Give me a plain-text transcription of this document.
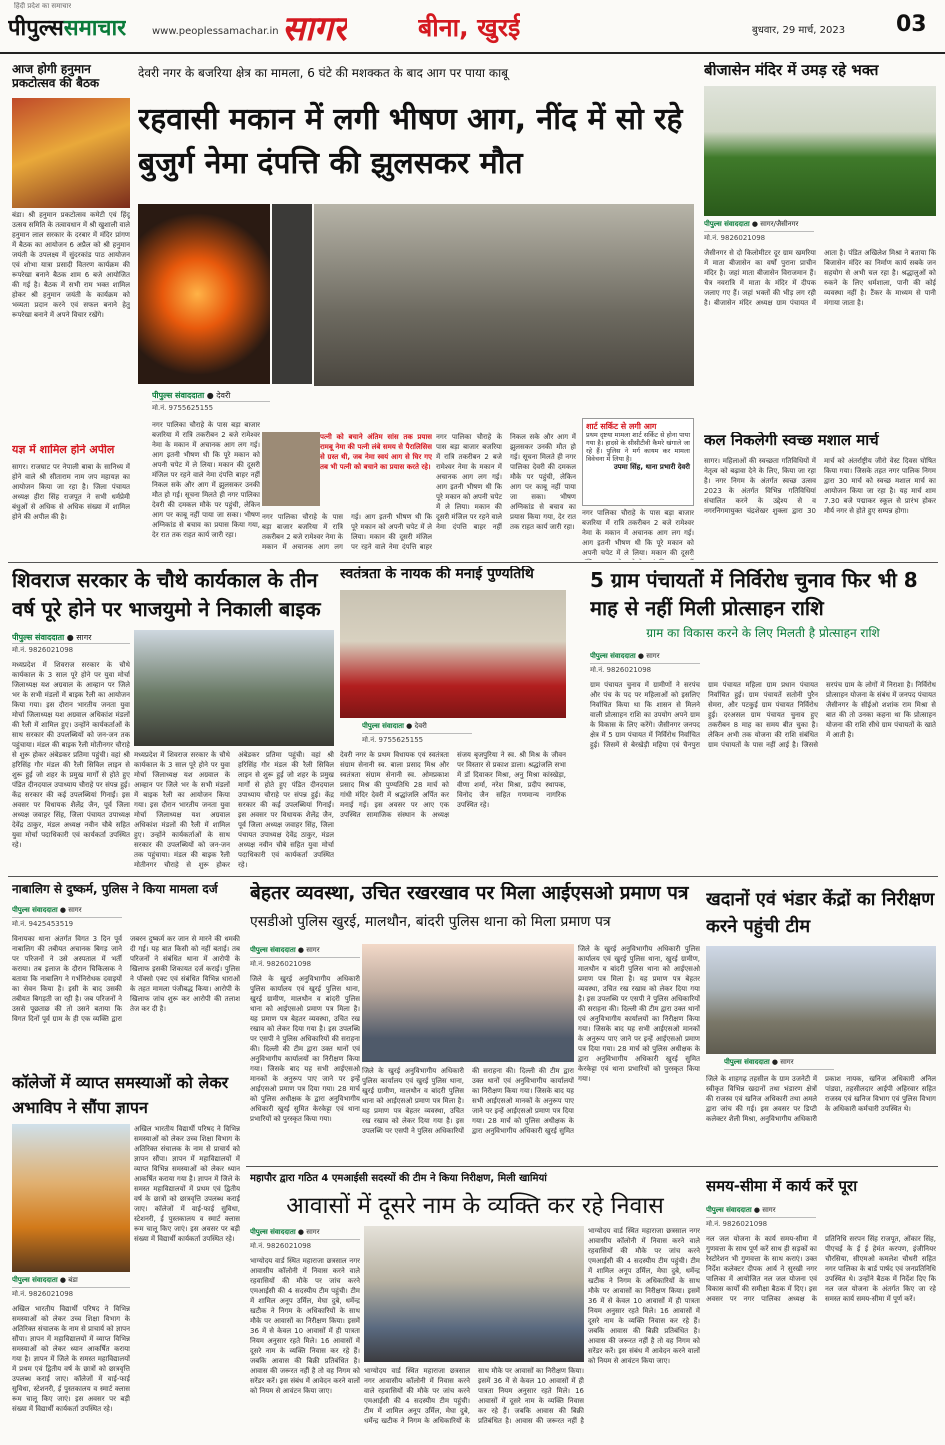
हिंदी प्रदेश का समाचार
पीपुल्ससमाचार	www.peoplessamachar.in सागर	बीना, खुरई	बुधवार, 29 मार्च, 2023 03
आज होगी हनुमान प्रकटोत्सव की बैठक
बंडा। श्री हनुमान प्रकटोत्सव कमेटी एवं हिंदू उत्सव समिति के तत्वावधान में श्री खुशाली वाले हनुमान लाल सरकार के दरबार में मंदिर प्रांगण में बैठक का आयोजन 6 अप्रैल को श्री हनुमान जयंती के उपलक्ष्य में सुंदरकांड पाठ आयोजन एवं शोभा यात्रा प्रसादी वितरण कार्यक्रम की रूपरेखा बनाने बैठक शाम 6 बजे आयोजित की गई है। बैठक में सभी राम भक्त शामिल होकर श्री हनुमान जयंती के कार्यक्रम को भव्यता प्रदान करने एवं सफल बनाने हेतु रूपरेखा बनाने में अपने विचार रखेंगे।
यज्ञ में शामिल होने अपील
सागर। राजघाट पर नेपाली बाबा के सानिध्य में होने वाले श्री सीताराम नाम जप महायज्ञ का आयोजन किया जा रहा है। जिला पंचायत अध्यक्ष हीरा सिंह राजपूत ने सभी धर्मप्रेमी बंधुओं से अधिक से अधिक संख्या में शामिल होने की अपील की है।
देवरी नगर के बजरिया क्षेत्र का मामला, 6 घंटे की मशक्कत के बाद आग पर पाया काबू
रहवासी मकान में लगी भीषण आग, नींद में सो रहे बुजुर्ग नेमा दंपत्ति की झुलसकर मौत
पीपुल्स संवाददाता ● देवरी
मो.नं. 9755625155
पत्नी को बचाने अंतिम सांस तक प्रयास रामबू नेमा की पत्नी लंबे समय से पैरालिसिस से ग्रस्त थी, जब नेमा स्वयं आग से घिर गए तब भी पत्नी को बचाने का प्रयास करते रहे।
नगर पालिका चौराहे के पास बड़ा बाजार बजरिया में रात्रि तकरीबन 2 बजे रामेश्वर नेमा के मकान में अचानक आग लग गई। आग इतनी भीषण थी कि पूरे मकान को अपनी चपेट में ले लिया। मकान की दूसरी मंजिल पर रहने वाले नेमा दंपत्ति बाहर नहीं निकल सके और आग में झुलसकर उनकी मौत हो गई। सूचना मिलते ही नगर पालिका देवरी की दमकल मौके पर पहुंची, लेकिन आग पर काबू नहीं पाया जा सका। भीषण अग्निकांड से बचाव का प्रयास किया गया, देर रात तक राहत कार्य जारी रहा।
नगर पालिका चौराहे के पास बड़ा बाजार बजरिया में रात्रि तकरीबन 2 बजे रामेश्वर नेमा के मकान में अचानक आग लग गई। आग इतनी भीषण थी कि पूरे मकान को अपनी चपेट में ले लिया। मकान की दूसरी मंजिल पर रहने वाले नेमा दंपत्ति बाहर
नगर पालिका चौराहे के पास बड़ा बाजार बजरिया में रात्रि तकरीबन 2 बजे रामेश्वर नेमा के मकान में अचानक आग लग गई। आग इतनी भीषण थी कि पूरे मकान को अपनी चपेट में ले लिया। मकान की दूसरी मंजिल पर रहने वाले नेमा दंपत्ति बाहर नहीं निकल सके और आग में झुलसकर उनकी मौत हो गई। सूचना मिलते ही नगर पालिका देवरी की दमकल मौके पर पहुंची, लेकिन आग पर काबू नहीं पाया जा सका। भीषण अग्निकांड से बचाव का प्रयास किया गया, देर रात तक राहत कार्य जारी रहा।
शार्ट सर्किट से लगी आग
प्रथम दृष्टया मामला शार्ट सर्किट से होना पाया गया है। हादसे के सीसीटीवी कैमरे खंगाले जा रहे हैं। पुलिस ने मर्ग कायम कर मामला विवेचना में लिया है।
उपमा सिंह, थाना प्रभारी देवरी
नगर पालिका चौराहे के पास बड़ा बाजार बजरिया में रात्रि तकरीबन 2 बजे रामेश्वर नेमा के मकान में अचानक आग लग गई। आग इतनी भीषण थी कि पूरे मकान को अपनी चपेट में ले लिया। मकान की दूसरी
बीजासेन मंदिर में उमड़ रहे भक्त
पीपुल्स संवाददाता ● सागर/जैसीनगर
मो.नं. 9826021098
जैसीनगर से दो किलोमीटर दूर ग्राम खमरिया में माता बीजासेन का वर्षों पुराना प्राचीन मंदिर है। जहां माता बीजासेन विराजमान हैं। चैत्र नवरात्रि में माता के मंदिर में दीपक जलाए गए हैं। जहां भक्तों की भीड़ लग रही है। बीजासेन मंदिर अध्यक्ष ग्राम पंचायत में आता है। पंडित अखिलेश मिश्रा ने बताया कि बिजासेन मंदिर का निर्माण कार्य सबके जन सहयोग से अभी चल रहा है। श्रद्धालुओं को रुकने के लिए धर्मशाला, पानी की कोई व्यवस्था नहीं है। टैंकर के माध्यम से पानी मंगाया जाता है।
कल निकलेगी स्वच्छ मशाल मार्च
सागर। महिलाओं की स्वच्छता गतिविधियों में नेतृत्व को बढ़ावा देने के लिए, किया जा रहा है। नगर निगम के अंतर्गत स्वच्छ उत्सव 2023 के अंतर्गत विभिन्न गतिविधियां संचालित करने के उद्देश्य से व नगरनिगमायुक्त चंद्रशेखर शुक्ला द्वारा 30 मार्च को अंतर्राष्ट्रीय जीरो वेस्ट दिवस घोषित किया गया। जिसके तहत नगर पालिक निगम द्वारा 30 मार्च को स्वच्छ मशाल मार्च का आयोजन किया जा रहा है। यह मार्च शाम 7.30 बजे पद्माकर स्कूल से प्रारंभ होकर मौर्य नगर से होते हुए सम्पन्न होगा।
शिवराज सरकार के चौथे कार्यकाल के तीन वर्ष पूरे होने पर भाजयुमो ने निकाली बाइक
पीपुल्स संवाददाता ● सागर
मो.नं. 9826021098
मध्यप्रदेश में शिवराज सरकार के चौथे कार्यकाल के 3 साल पूरे होने पर युवा मोर्चा जिलाध्यक्ष यश अग्रवाल के आव्हान पर जिले भर के सभी मंडलों में बाइक रैली का आयोजन किया गया। इस दौरान भारतीय जनता युवा मोर्चा जिलाध्यक्ष यश अग्रवाल अधिकांश मंडलों की रैली में शामिल हुए। उन्होंने कार्यकर्ताओं के साथ सरकार की उपलब्धियों को जन-जन तक पहुंचाया। मंडल की बाइक रैली मोतीनगर चौराहे से शुरू होकर अंबेडकर प्रतिमा पहुंची। वहां श्री हरिसिंह गौर मंडल की रैली सिविल लाइन से शुरू हुई जो शहर के प्रमुख मार्गों से होते हुए पंडित दीनदयाल उपाध्याय चौराहे पर संपन्न हुई। केंद्र सरकार की कई उपलब्धियां गिनाईं। इस अवसर पर विधायक शैलेंद्र जैन, पूर्व जिला अध्यक्ष जवाहर सिंह, जिला पंचायत उपाध्यक्ष देवेंद्र ठाकुर, मंडल अध्यक्ष नवीन चौबे सहित युवा मोर्चा पदाधिकारी एवं कार्यकर्ता उपस्थित रहे।
मध्यप्रदेश में शिवराज सरकार के चौथे कार्यकाल के 3 साल पूरे होने पर युवा मोर्चा जिलाध्यक्ष यश अग्रवाल के आव्हान पर जिले भर के सभी मंडलों में बाइक रैली का आयोजन किया गया। इस दौरान भारतीय जनता युवा मोर्चा जिलाध्यक्ष यश अग्रवाल अधिकांश मंडलों की रैली में शामिल हुए। उन्होंने कार्यकर्ताओं के साथ सरकार की उपलब्धियों को जन-जन तक पहुंचाया। मंडल की बाइक रैली मोतीनगर चौराहे से शुरू होकर अंबेडकर प्रतिमा पहुंची। वहां श्री हरिसिंह गौर मंडल की रैली सिविल लाइन से शुरू हुई जो शहर के प्रमुख मार्गों से होते हुए पंडित दीनदयाल उपाध्याय चौराहे पर संपन्न हुई। केंद्र सरकार की कई उपलब्धियां गिनाईं। इस अवसर पर विधायक शैलेंद्र जैन, पूर्व जिला अध्यक्ष जवाहर सिंह, जिला पंचायत उपाध्यक्ष देवेंद्र ठाकुर, मंडल अध्यक्ष नवीन चौबे सहित युवा मोर्चा पदाधिकारी एवं कार्यकर्ता उपस्थित रहे।
स्वतंत्रता के नायक की मनाई पुण्यतिथि
पीपुल्स संवादाता ● देवरी
मो.नं. 9755625155
देवरी नगर के प्रथम विधायक एवं स्वतंत्रता संग्राम सेनानी स्व. बाला प्रसाद मिश्र और स्वतंत्रता संग्राम सेनानी स्व. ओमप्रकाश प्रसाद मिश्र की पुण्यतिथि 28 मार्च को गांधी मंदिर देवरी में श्रद्धांजलि अर्पित कर मनाई गई। इस अवसर पर आए एक उपस्थित सामाजिक संस्थान के अध्यक्ष संजय बृजपुरिया ने स्व. श्री मिश्र के जीवन पर विस्तार से प्रकाश डाला। श्रद्धांजलि सभा में डॉ दिवाकर मिश्रा, अनु मिश्रा कांस्खेड़ा, वीणा शर्मा, नरेश मिश्रा, प्रदीप स्थापक, विनोद जैन सहित गणमान्य नागरिक उपस्थित रहे।
5 ग्राम पंचायतों में निर्विरोध चुनाव फिर भी 8 माह से नहीं मिली प्रोत्साहन राशि
ग्राम का विकास करने के लिए मिलती है प्रोत्साहन राशि
पीपुल्स संवाददाता ● सागर
मो.नं. 9826021098
ग्राम पंचायत चुनाव में ग्रामीणों ने सरपंच और पंच के पद पर महिलाओं को इसलिए निर्वाचित किया था कि शासन से मिलने वाली प्रोत्साहन राशि का उपयोग अपने ग्राम के विकास के लिए करेंगे। जैसीनगर जनपद क्षेत्र में 5 ग्राम पंचायत में निर्विरोध निर्वाचित हुई। जिसमें से बेरखेड़ी महिया एवं चैनपुरा ग्राम पंचायत महिला ग्राम प्रधान पंचायत निर्वाचित हुई। ग्राम पंचायतें सतोनी पुरैन सेमरा, और पटकुई ग्राम पंचायत निर्विरोध हुई। दरअसल ग्राम पंचायत चुनाव हुए तकरीबन 8 माह का समय बीत चुका है। लेकिन अभी तक योजना की राशि संबंधित ग्राम पंचायतों के पास नहीं आई है। जिससे सरपंच ग्राम के लोगों में निराशा है। निर्विरोध प्रोत्साहन योजना के संबंध में जनपद पंचायत जैसीनगर के सीईओ शशांक राम मिश्रा से बात की तो उनका कहना था कि प्रोत्साहन योजना की राशि सीधे ग्राम पंचायतों के खाते में आती है।
नाबालिग से दुष्कर्म, पुलिस ने किया मामला दर्ज
पीपुल्स संवाददाता ● सागर
मो.नं. 9425453519
विनायका थाना अंतर्गत विगत 3 दिन पूर्व नाबालिग की तबीयत अचानक बिगड़ जाने पर परिजनों ने उसे अस्पताल में भर्ती कराया। तब इलाज के दौरान चिकित्सक ने बताया कि नाबालिग ने गर्भनिरोधक दवाइयों का सेवन किया है। इसी के बाद उसकी तबीयत बिगड़ती जा रही है। जब परिजनों ने उससे पूछताछ की तो उसने बताया कि विगत दिनों पूर्व ग्राम के ही एक व्यक्ति द्वारा जबरन दुष्कर्म कर जान से मारने की धमकी दी गई। यह बात किसी को नहीं बताई। तब परिजनों ने संबंधित थाना में आरोपी के खिलाफ इसकी शिकायत दर्ज कराई। पुलिस ने पॉक्सो एक्ट एवं संबंधित विभिन्न धाराओं के तहत मामला पंजीबद्ध किया। आरोपी के खिलाफ जांच शुरू कर आरोपी की तलाश तेज कर दी है।
बेहतर व्यवस्था, उचित रखरखाव पर मिला आईएसओ प्रमाण पत्र
एसडीओ पुलिस खुरई, मालथौन, बांदरी पुलिस थाना को मिला प्रमाण पत्र
पीपुल्स संवाददाता ● सागर
मो.नं. 9826021098
जिले के खुरई अनुविभागीय अधिकारी पुलिस कार्यालय एवं खुरई पुलिस थाना, खुरई ग्रामीण, मालथौन व बांदरी पुलिस थाना को आईएसओ प्रमाण पत्र मिला है। यह प्रमाण पत्र बेहतर व्यवस्था, उचित रख रखाव को लेकर दिया गया है। इस उपलब्धि पर एसपी ने पुलिस अधिकारियों की सराहना की। दिल्ली की टीम द्वारा उक्त थानों एवं अनुविभागीय कार्यालयों का निरीक्षण किया गया। जिसके बाद यह सभी आईएसओ मानकों के अनुरूप पाए जाने पर इन्हें आईएसओ प्रमाण पत्र दिया गया। 28 मार्च को पुलिस अधीक्षक के द्वारा अनुविभागीय अधिकारी खुरई सुमित केरकेट्टा एवं थाना प्रभारियों को पुरस्कृत किया गया।
जिले के खुरई अनुविभागीय अधिकारी पुलिस कार्यालय एवं खुरई पुलिस थाना, खुरई ग्रामीण, मालथौन व बांदरी पुलिस थाना को आईएसओ प्रमाण पत्र मिला है। यह प्रमाण पत्र बेहतर व्यवस्था, उचित रख रखाव को लेकर दिया गया है। इस उपलब्धि पर एसपी ने पुलिस अधिकारियों की सराहना की। दिल्ली की टीम द्वारा उक्त थानों एवं अनुविभागीय कार्यालयों का निरीक्षण किया गया। जिसके बाद यह सभी आईएसओ मानकों के अनुरूप पाए जाने पर इन्हें आईएसओ प्रमाण पत्र दिया गया। 28 मार्च को पुलिस अधीक्षक के द्वारा अनुविभागीय अधिकारी खुरई सुमित
जिले के खुरई अनुविभागीय अधिकारी पुलिस कार्यालय एवं खुरई पुलिस थाना, खुरई ग्रामीण, मालथौन व बांदरी पुलिस थाना को आईएसओ प्रमाण पत्र मिला है। यह प्रमाण पत्र बेहतर व्यवस्था, उचित रख रखाव को लेकर दिया गया है। इस उपलब्धि पर एसपी ने पुलिस अधिकारियों की सराहना की। दिल्ली की टीम द्वारा उक्त थानों एवं अनुविभागीय कार्यालयों का निरीक्षण किया गया। जिसके बाद यह सभी आईएसओ मानकों के अनुरूप पाए जाने पर इन्हें आईएसओ प्रमाण पत्र दिया गया। 28 मार्च को पुलिस अधीक्षक के द्वारा अनुविभागीय अधिकारी खुरई सुमित केरकेट्टा एवं थाना प्रभारियों को पुरस्कृत किया गया।
खदानों एवं भंडार केंद्रों का निरीक्षण करने पहुंची टीम
पीपुल्स संवाददाता ● सागर
जिले के शाहगढ़ तहसील के ग्राम उजनेटी में स्वीकृत विभिन्न खदानों तथा भंडारण क्षेत्रों की राजस्व एवं खनिज अधिकारी तथा अमले द्वारा जांच की गई। इस अवसर पर डिप्टी कलेक्टर शैली मिश्रा, अनुविभागीय अधिकारी प्रकाश नायक, खनिज अधिकारी अनिल पांड्या, तहसीलदार आईपी अहिरवार सहित राजस्व एवं खनिज विभाग एवं पुलिस विभाग के अधिकारी कर्मचारी उपस्थित थे।
कॉलेजों में व्याप्त समस्याओं को लेकर अभाविप ने सौंपा ज्ञापन
पीपुल्स संवाददाता ● बंडा
मो.नं. 9826021098
अखिल भारतीय विद्यार्थी परिषद ने विभिन्न समस्याओं को लेकर उच्च शिक्षा विभाग के अतिरिक्त संचालक के नाम से प्राचार्य को ज्ञापन सौंपा। ज्ञापन में महाविद्यालयों में व्याप्त विभिन्न समस्याओं को लेकर ध्यान आकर्षित कराया गया है। ज्ञापन में जिले के समस्त महाविद्यालयों में प्रथम एवं द्वितीय वर्ष के छात्रों को छात्रवृत्ति उपलब्ध कराई जाए। कॉलेजों में वाई-फाई सुविधा, स्टेशनरी, ई पुस्तकालय व स्मार्ट क्लास रूम चालू किए जाएं। इस अवसर पर बड़ी संख्या में विद्यार्थी कार्यकर्ता उपस्थित रहे।
अखिल भारतीय विद्यार्थी परिषद ने विभिन्न समस्याओं को लेकर उच्च शिक्षा विभाग के अतिरिक्त संचालक के नाम से प्राचार्य को ज्ञापन सौंपा। ज्ञापन में महाविद्यालयों में व्याप्त विभिन्न समस्याओं को लेकर ध्यान आकर्षित कराया गया है। ज्ञापन में जिले के समस्त महाविद्यालयों में प्रथम एवं द्वितीय वर्ष के छात्रों को छात्रवृत्ति उपलब्ध कराई जाए। कॉलेजों में वाई-फाई सुविधा, स्टेशनरी, ई पुस्तकालय व स्मार्ट क्लास रूम चालू किए जाएं। इस अवसर पर बड़ी संख्या में विद्यार्थी कार्यकर्ता उपस्थित रहे।
महापौर द्वारा गठित 4 एमआईसी सदस्यों की टीम ने किया निरीक्षण, मिली खामियां
आवासों में दूसरे नाम के व्यक्ति कर रहे निवास
पीपुल्स संवाददाता ● सागर
मो.नं. 9826021098
भाग्योदय वार्ड स्थित महाराजा छत्रसाल नगर आवासीय कॉलोनी में निवास करने वाले रहवासियों की मौके पर जांच करने एमआईसी की 4 सदस्यीय टीम पहुंची। टीम में शामिल अनूप उर्मिल, मेघा दुबे, धर्मेन्द्र खटीक ने निगम के अधिकारियों के साथ मौके पर आवासों का निरीक्षण किया। इसमें 36 में से केवल 10 आवासों में ही पात्रता नियम अनुसार रहते मिले। 16 आवासों में दूसरे नाम के व्यक्ति निवास कर रहे हैं। जबकि आवास की बिक्री प्रतिबंधित है। आवास की जरूरत नहीं है तो वह निगम को सरेंडर करें। इस संबंध में आवेदन करने वालों को नियम से आवंटन किया जाए।
भाग्योदय वार्ड स्थित महाराजा छत्रसाल नगर आवासीय कॉलोनी में निवास करने वाले रहवासियों की मौके पर जांच करने एमआईसी की 4 सदस्यीय टीम पहुंची। टीम में शामिल अनूप उर्मिल, मेघा दुबे, धर्मेन्द्र खटीक ने निगम के अधिकारियों के साथ मौके पर आवासों का निरीक्षण किया। इसमें 36 में से केवल 10 आवासों में ही पात्रता नियम अनुसार रहते मिले। 16 आवासों में दूसरे नाम के व्यक्ति निवास कर रहे हैं। जबकि आवास की बिक्री प्रतिबंधित है। आवास की जरूरत नहीं है
भाग्योदय वार्ड स्थित महाराजा छत्रसाल नगर आवासीय कॉलोनी में निवास करने वाले रहवासियों की मौके पर जांच करने एमआईसी की 4 सदस्यीय टीम पहुंची। टीम में शामिल अनूप उर्मिल, मेघा दुबे, धर्मेन्द्र खटीक ने निगम के अधिकारियों के साथ मौके पर आवासों का निरीक्षण किया। इसमें 36 में से केवल 10 आवासों में ही पात्रता नियम अनुसार रहते मिले। 16 आवासों में दूसरे नाम के व्यक्ति निवास कर रहे हैं। जबकि आवास की बिक्री प्रतिबंधित है। आवास की जरूरत नहीं है तो वह निगम को सरेंडर करें। इस संबंध में आवेदन करने वालों को नियम से आवंटन किया जाए।
समय-सीमा में कार्य करें पूरा
पीपुल्स संवाददाता ● सागर
मो.नं. 9826021098
नल जल योजना के कार्य समय-सीमा में गुणवत्ता के साथ पूर्ण करें साथ ही सड़कों का रेस्टोरेशन भी गुणवत्ता के साथ कराएं। उक्त निर्देश कलेक्टर दीपक आर्य ने सुरखी नगर पालिका में आयोजित नल जल योजना एवं विकास कार्यों की समीक्षा बैठक में दिए। इस अवसर पर नगर पालिका अध्यक्ष के प्रतिनिधि सरपन सिंह राजपूत, ओंकार सिंह, पीएचई के ई ई हेमंत करपण, इंजीनियर चौरसिया, सीएमओ कमलेश चौधरी सहित नगर पालिका के बार्ड पार्षद एवं जनप्रतिनिधि उपस्थित थे। उन्होंने बैठक में निर्देश दिए कि नल जल योजना के अंतर्गत किए जा रहे समस्त कार्य समय-सीमा में पूर्ण करें।
